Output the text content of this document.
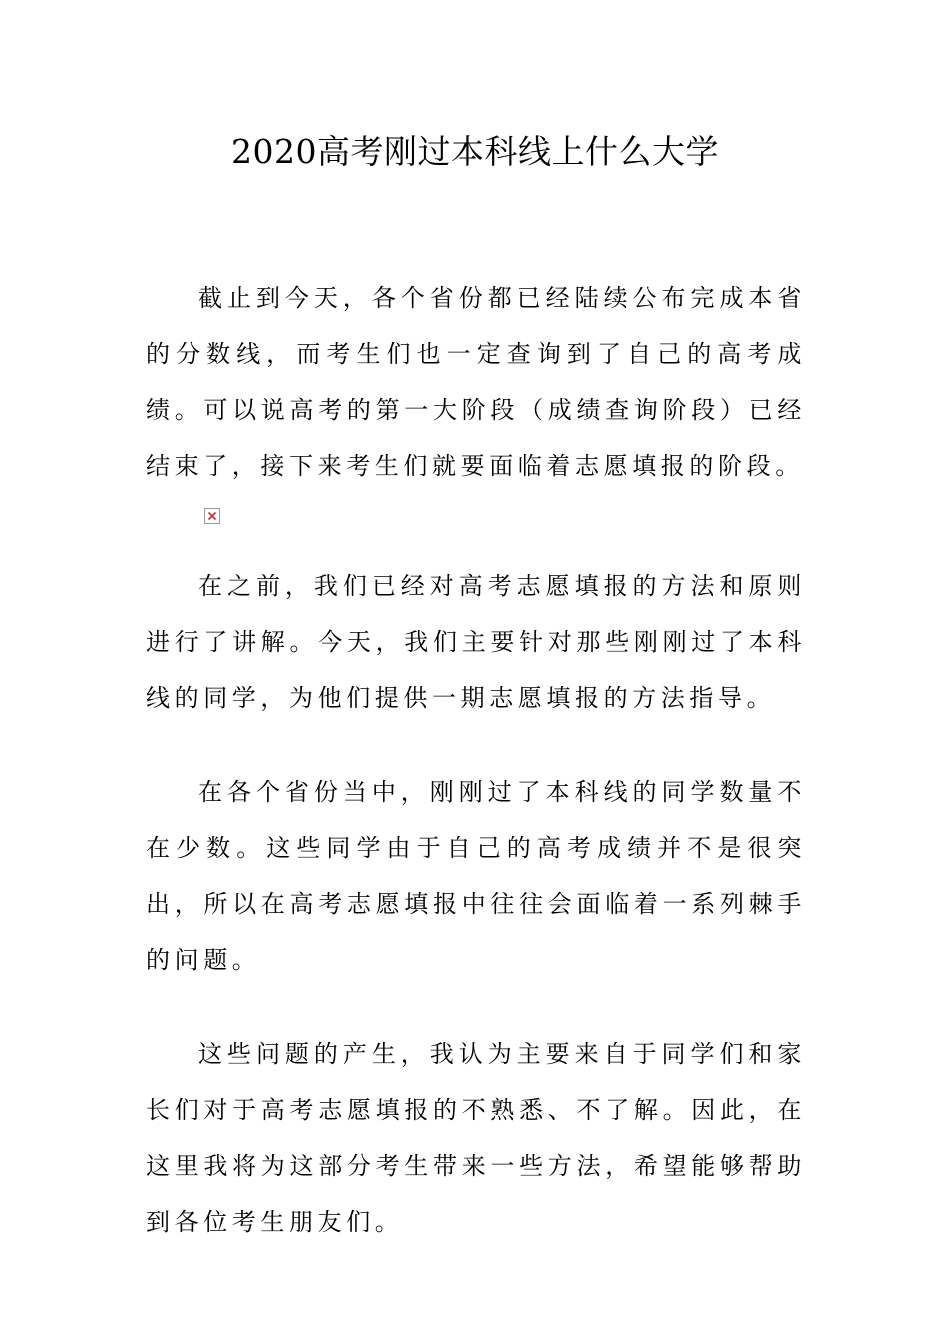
2020高考刚过本科线上什么大学

截止到今天，各个省份都已经陆续公布完成本省的分数线，而考生们也一定查询到了自己的高考成绩。可以说高考的第一大阶段（成绩查询阶段）已经结束了，接下来考生们就要面临着志愿填报的阶段。

在之前，我们已经对高考志愿填报的方法和原则进行了讲解。今天，我们主要针对那些刚刚过了本科线的同学，为他们提供一期志愿填报的方法指导。

在各个省份当中，刚刚过了本科线的同学数量不在少数。这些同学由于自己的高考成绩并不是很突出，所以在高考志愿填报中往往会面临着一系列棘手的问题。

这些问题的产生，我认为主要来自于同学们和家长们对于高考志愿填报的不熟悉、不了解。因此，在这里我将为这部分考生带来一些方法，希望能够帮助到各位考生朋友们。
